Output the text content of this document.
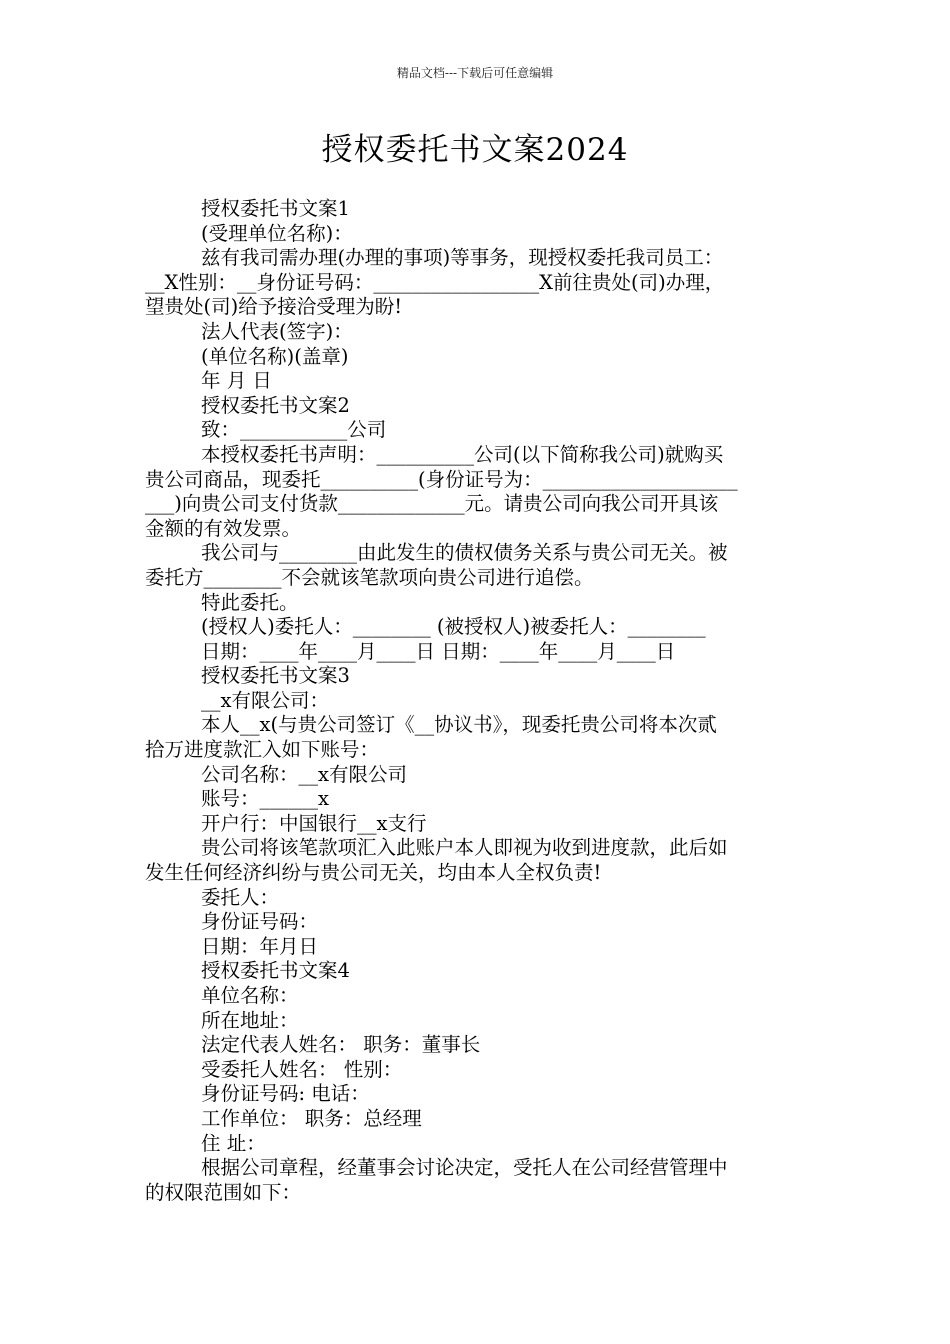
精品文档---下载后可任意编辑
授权委托书文案2024
授权委托书文案1
(受理单位名称)：
兹有我司需办理(办理的事项)等事务，现授权委托我司员工：
__X性别：__身份证号码：_________________X前往贵处(司)办理，
望贵处(司)给予接洽受理为盼!
法人代表(签字)：
(单位名称)(盖章)
年 月 日
授权委托书文案2
致：___________公司
本授权委托书声明：__________公司(以下简称我公司)就购买
贵公司商品，现委托__________(身份证号为：____________________
___)向贵公司支付货款_____________元。请贵公司向我公司开具该
金额的有效发票。
我公司与________由此发生的债权债务关系与贵公司无关。被
委托方________不会就该笔款项向贵公司进行追偿。
特此委托。
(授权人)委托人：________ (被授权人)被委托人：________
日期：____年____月____日 日期：____年____月____日
授权委托书文案3
__x有限公司：
本人__x(与贵公司签订《__协议书》，现委托贵公司将本次贰
拾万进度款汇入如下账号：
公司名称：__x有限公司
账号：______x
开户行：中国银行__x支行
贵公司将该笔款项汇入此账户本人即视为收到进度款，此后如
发生任何经济纠纷与贵公司无关，均由本人全权负责!
委托人：
身份证号码：
日期：年月日
授权委托书文案4
单位名称：
所在地址：
法定代表人姓名： 职务：董事长
受委托人姓名： 性别：
身份证号码: 电话：
工作单位： 职务：总经理
住 址：
根据公司章程，经董事会讨论决定，受托人在公司经营管理中
的权限范围如下：
